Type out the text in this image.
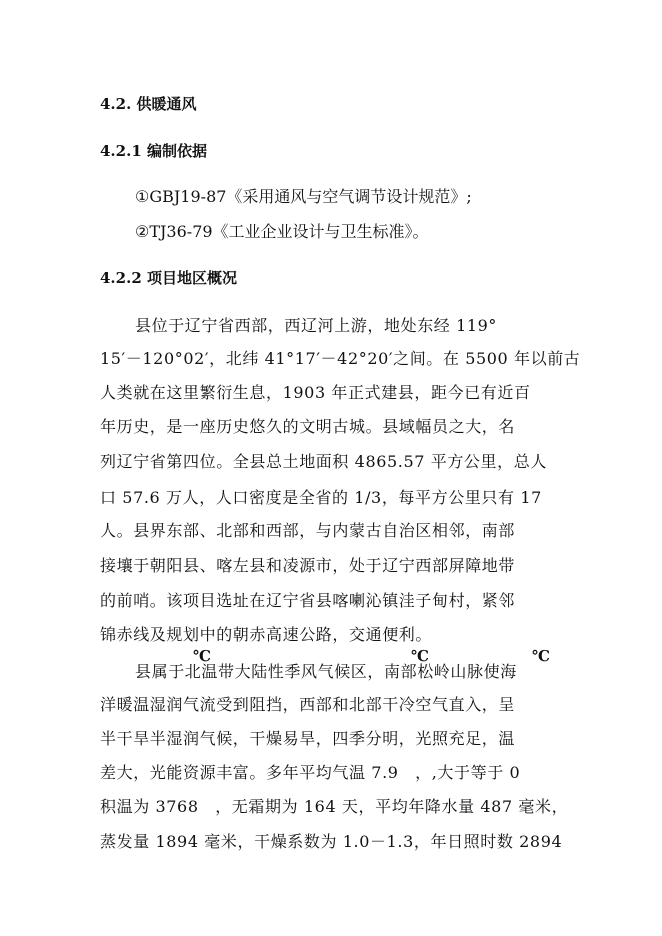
4.2. 供暖通风
4.2.1 编制依据
①GBJ19-87《采用通风与空气调节设计规范》;
②TJ36-79《工业企业设计与卫生标准》。
4.2.2 项目地区概况
县位于辽宁省西部，西辽河上游，地处东经 119°
15′－120°02′，北纬 41°17′－42°20′之间。在 5500 年以前古
人类就在这里繁衍生息，1903 年正式建县，距今已有近百
年历史，是一座历史悠久的文明古城。县域幅员之大，名
列辽宁省第四位。全县总土地面积 4865.57 平方公里，总人
口 57.6 万人，人口密度是全省的 1/3，每平方公里只有 17
人。县界东部、北部和西部，与内蒙古自治区相邻，南部
接壤于朝阳县、喀左县和凌源市，处于辽宁西部屏障地带
的前哨。该项目选址在辽宁省县喀喇沁镇洼子甸村，紧邻
锦赤线及规划中的朝赤高速公路，交通便利。
县属于北温带大陆性季风气候区，南部松岭山脉使海
洋暖温湿润气流受到阻挡，西部和北部干冷空气直入，呈
半干旱半湿润气候，干燥易旱，四季分明，光照充足，温
差大，光能资源丰富。多年平均气温 7.9　，,大于等于 0
积温为 3768　，无霜期为 164 天，平均年降水量 487 毫米，
蒸发量 1894 毫米，干燥系数为 1.0－1.3，年日照时数 2894
℃	℃	℃
